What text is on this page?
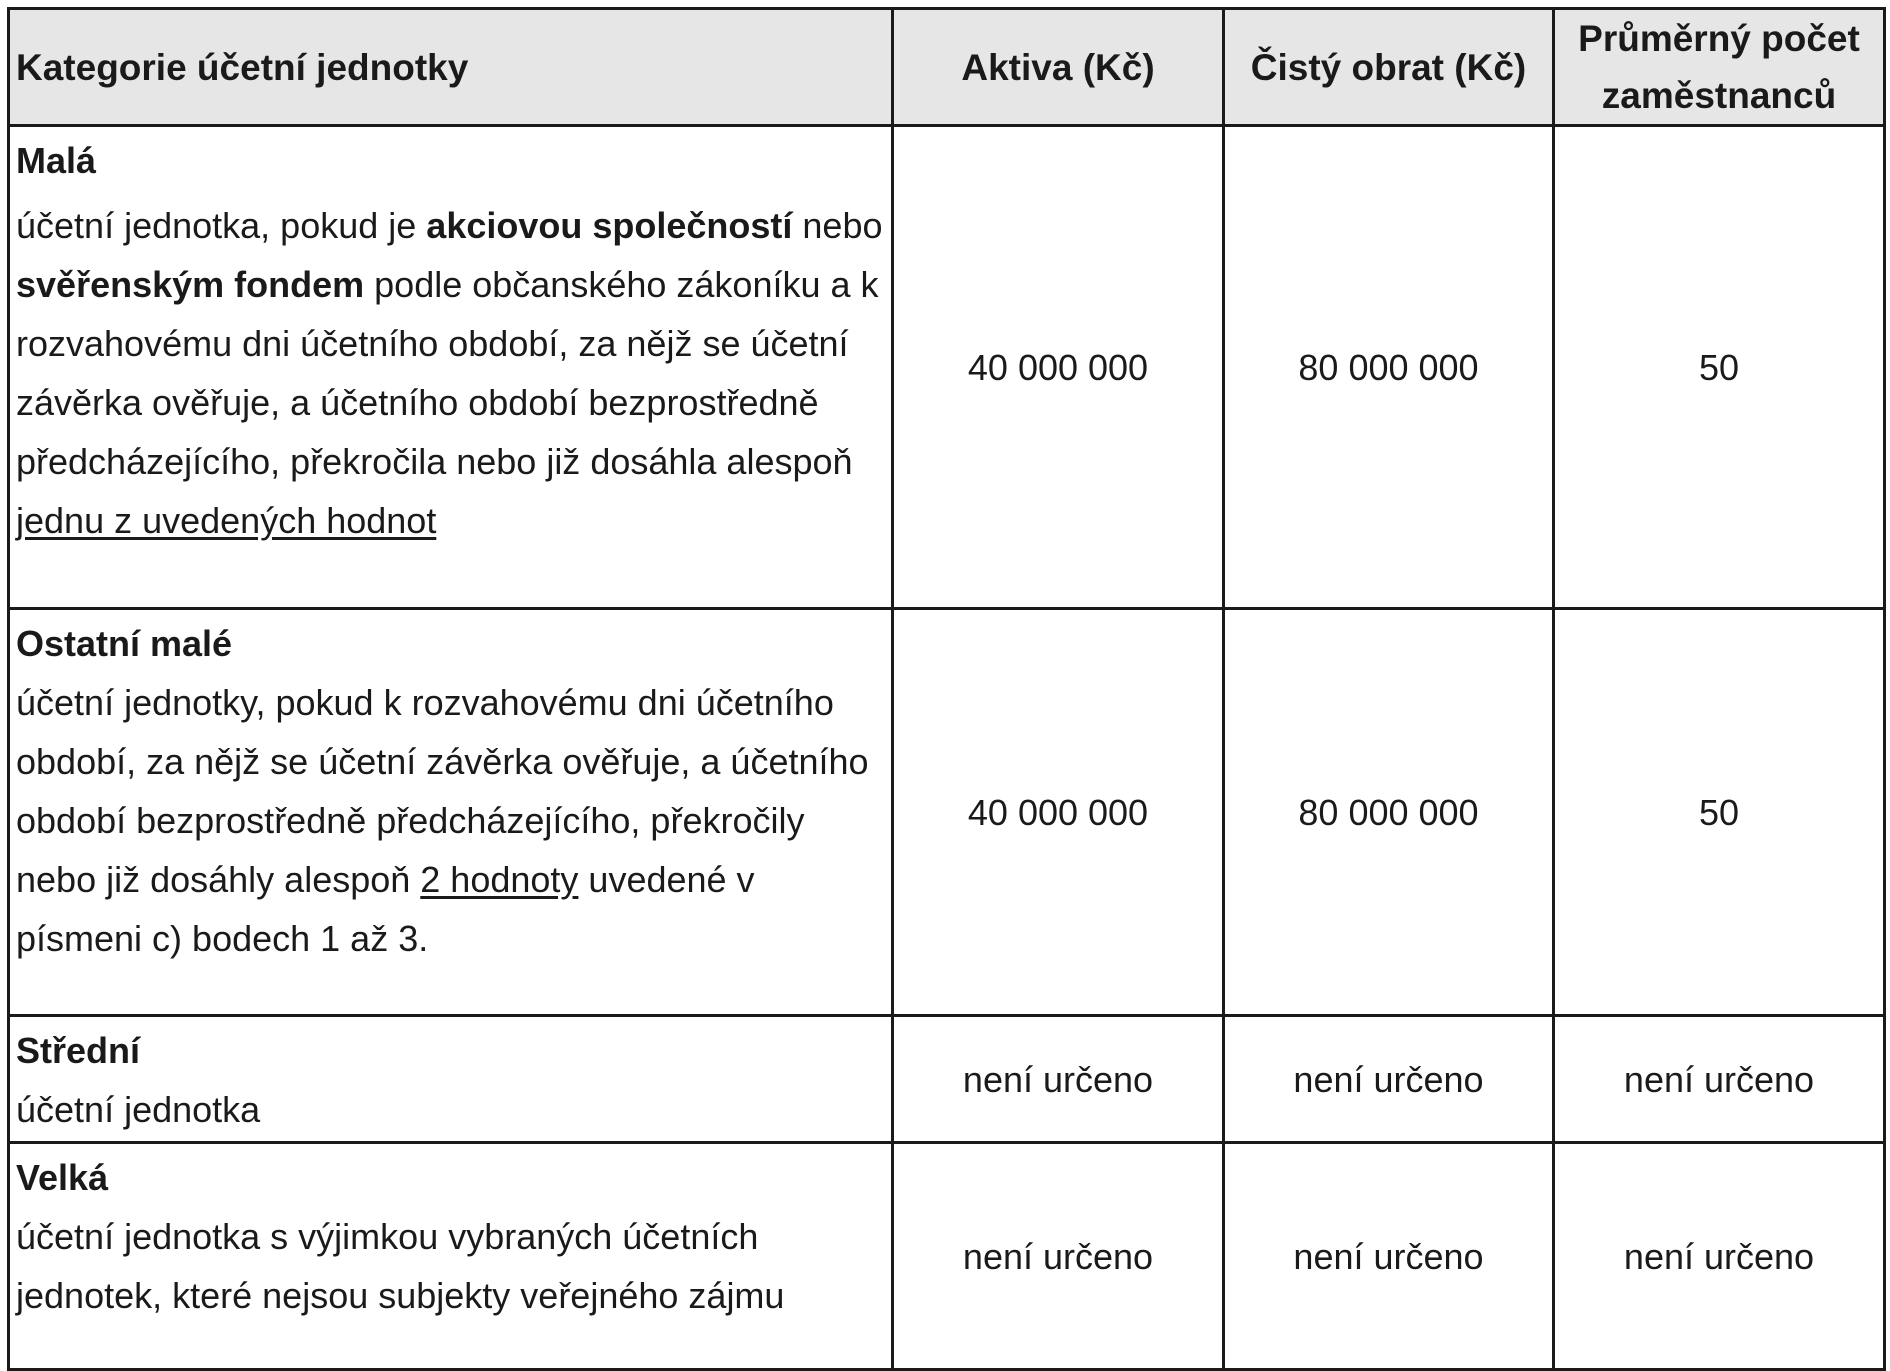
Kategorie účetní jednotky	Aktiva (Kč)	Čistý obrat (Kč)	Průměrný počet
zaměstnanců

Malá
účetní jednotka, pokud je akciovou společností nebo svěřenským fondem podle občanského zákoníku a k rozvahovému dni účetního období, za nějž se účetní závěrka ověřuje, a účetního období bezprostředně předcházejícího, překročila nebo již dosáhla alespoň jednu z uvedených hodnot	40 000 000	80 000 000	50

Ostatní malé
účetní jednotky, pokud k rozvahovému dni účetního období, za nějž se účetní závěrka ověřuje, a účetního období bezprostředně předcházejícího, překročily nebo již dosáhly alespoň 2 hodnoty uvedené v písmeni c) bodech 1 až 3.	40 000 000	80 000 000	50

Střední
účetní jednotka	není určeno	není určeno	není určeno

Velká
účetní jednotka s výjimkou vybraných účetních jednotek, které nejsou subjekty veřejného zájmu	není určeno	není určeno	není určeno
